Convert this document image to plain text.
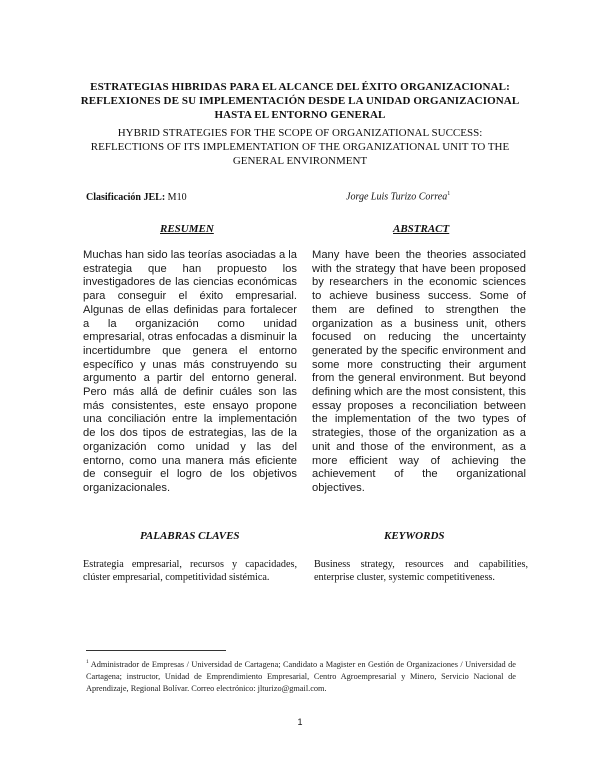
ESTRATEGIAS HIBRIDAS PARA EL ALCANCE DEL ÉXITO ORGANIZACIONAL:
REFLEXIONES DE SU IMPLEMENTACIÓN DESDE LA UNIDAD ORGANIZACIONAL
HASTA EL ENTORNO GENERAL
HYBRID STRATEGIES FOR THE SCOPE OF ORGANIZATIONAL SUCCESS:
REFLECTIONS OF ITS IMPLEMENTATION OF THE ORGANIZATIONAL UNIT TO THE
GENERAL ENVIRONMENT
Clasificación JEL: M10	Jorge Luis Turizo Correa$^1$
RESUMEN	ABSTRACT
Muchas han sido las teorías asociadas a la estrategia que han propuesto los investigadores de las ciencias económicas para conseguir el éxito empresarial. Algunas de ellas definidas para fortalecer a la organización como unidad empresarial, otras enfocadas a disminuir la incertidumbre que genera el entorno específico y unas más construyendo su argumento a partir del entorno general. Pero más allá de definir cuáles son las más consistentes, este ensayo propone una conciliación entre la implementación de los dos tipos de estrategias, las de la organización como unidad y las del entorno, como una manera más eficiente de conseguir el logro de los objetivos organizacionales.
Many have been the theories associated with the strategy that have been proposed by researchers in the economic sciences to achieve business success. Some of them are defined to strengthen the organization as a business unit, others focused on reducing the uncertainty generated by the specific environment and some more constructing their argument from the general environment. But beyond defining which are the most consistent, this essay proposes a reconciliation between the implementation of the two types of strategies, those of the organization as a unit and those of the environment, as a more efficient way of achieving the achievement of the organizational objectives.
PALABRAS CLAVES	KEYWORDS
Estrategia empresarial, recursos y capacidades, clúster empresarial, competitividad sistémica.
Business strategy, resources and capabilities, enterprise cluster, systemic competitiveness.
$^1$ Administrador de Empresas / Universidad de Cartagena; Candidato a Magister en Gestión de Organizaciones / Universidad de Cartagena; instructor, Unidad de Emprendimiento Empresarial, Centro Agroempresarial y Minero, Servicio Nacional de Aprendizaje, Regional Bolívar. Correo electrónico: jlturizo@gmail.com.
1
